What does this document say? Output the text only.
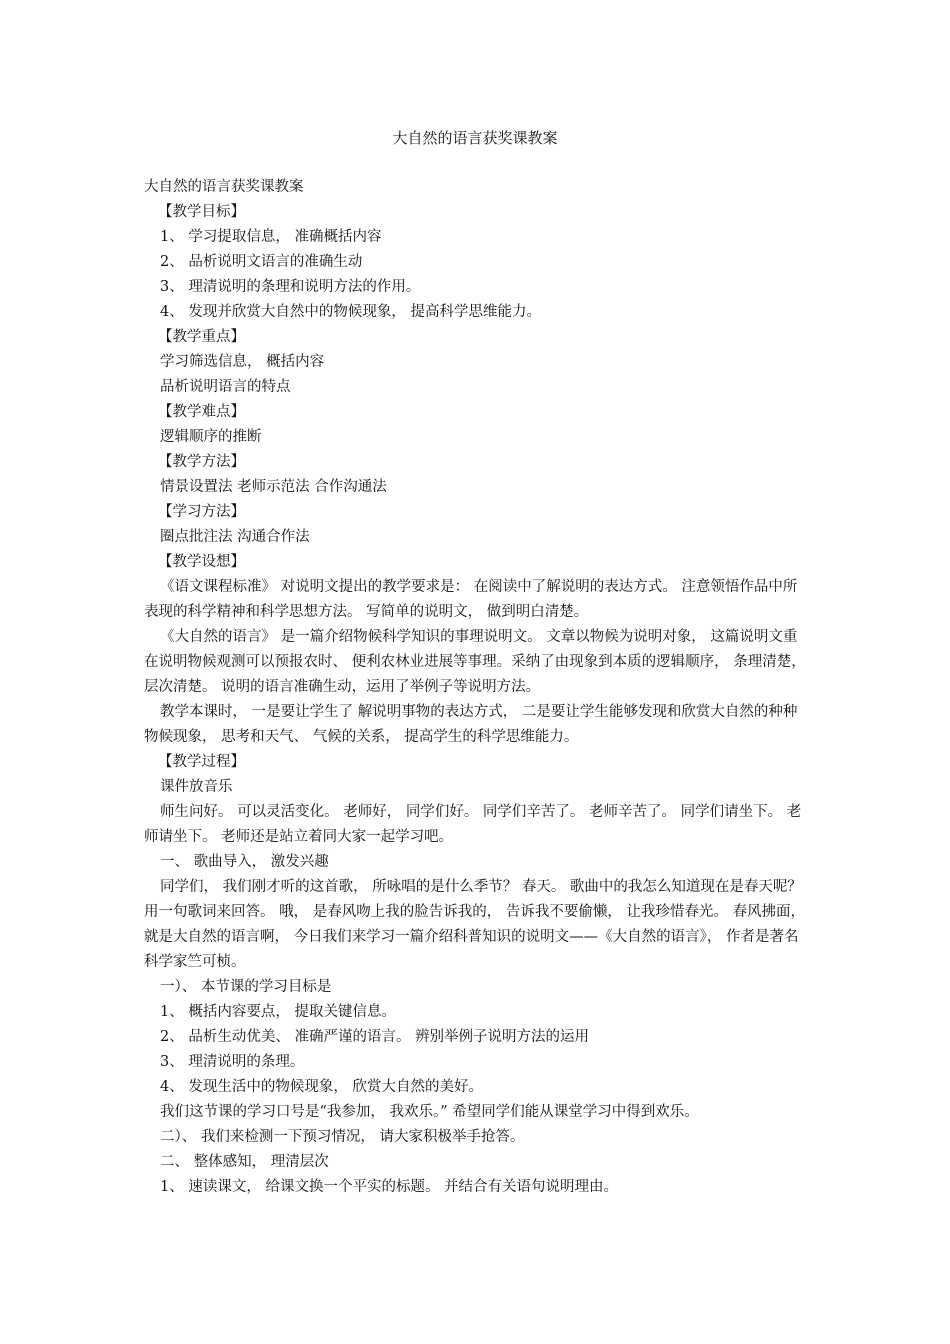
大自然的语言获奖课教案
大自然的语言获奖课教案
【教学目标】
1、 学习提取信息， 准确概括内容
2、 品析说明文语言的准确生动
3、 理清说明的条理和说明方法的作用。
4、 发现并欣赏大自然中的物候现象， 提高科学思维能力。
【教学重点】
学习筛选信息， 概括内容
品析说明语言的特点
【教学难点】
逻辑顺序的推断
【教学方法】
情景设置法 老师示范法 合作沟通法
【学习方法】
圈点批注法 沟通合作法
【教学设想】
《语文课程标准》 对说明文提出的教学要求是： 在阅读中了解说明的表达方式。 注意领悟作品中所表现的科学精神和科学思想方法。 写简单的说明文， 做到明白清楚。
《大自然的语言》 是一篇介绍物候科学知识的事理说明文。 文章以物候为说明对象， 这篇说明文重在说明物候观测可以预报农时、 便利农林业进展等事理。采纳了由现象到本质的逻辑顺序， 条理清楚， 层次清楚。 说明的语言准确生动，运用了举例子等说明方法。
教学本课时， 一是要让学生了 解说明事物的表达方式， 二是要让学生能够发现和欣赏大自然的种种物候现象， 思考和天气、 气候的关系， 提高学生的科学思维能力。
【教学过程】
课件放音乐
师生问好。 可以灵活变化。 老师好， 同学们好。 同学们辛苦了。 老师辛苦了。 同学们请坐下。 老师请坐下。 老师还是站立着同大家一起学习吧。
一、 歌曲导入， 激发兴趣
同学们， 我们刚才听的这首歌， 所咏唱的是什么季节？ 春天。 歌曲中的我怎么知道现在是春天呢？ 用一句歌词来回答。 哦， 是春风吻上我的脸告诉我的， 告诉我不要偷懒， 让我珍惜春光。 春风拂面， 就是大自然的语言啊， 今日我们来学习一篇介绍科普知识的说明文——《大自然的语言》， 作者是著名科学家竺可桢。
一）、 本节课的学习目标是
1、 概括内容要点， 提取关键信息。
2、 品析生动优美、 准确严谨的语言。 辨别举例子说明方法的运用
3、 理清说明的条理。
4、 发现生活中的物候现象， 欣赏大自然的美好。
我们这节课的学习口号是“我参加， 我欢乐。” 希望同学们能从课堂学习中得到欢乐。
二）、 我们来检测一下预习情况， 请大家积极举手抢答。
二、 整体感知， 理清层次
1、 速读课文， 给课文换一个平实的标题。 并结合有关语句说明理由。
